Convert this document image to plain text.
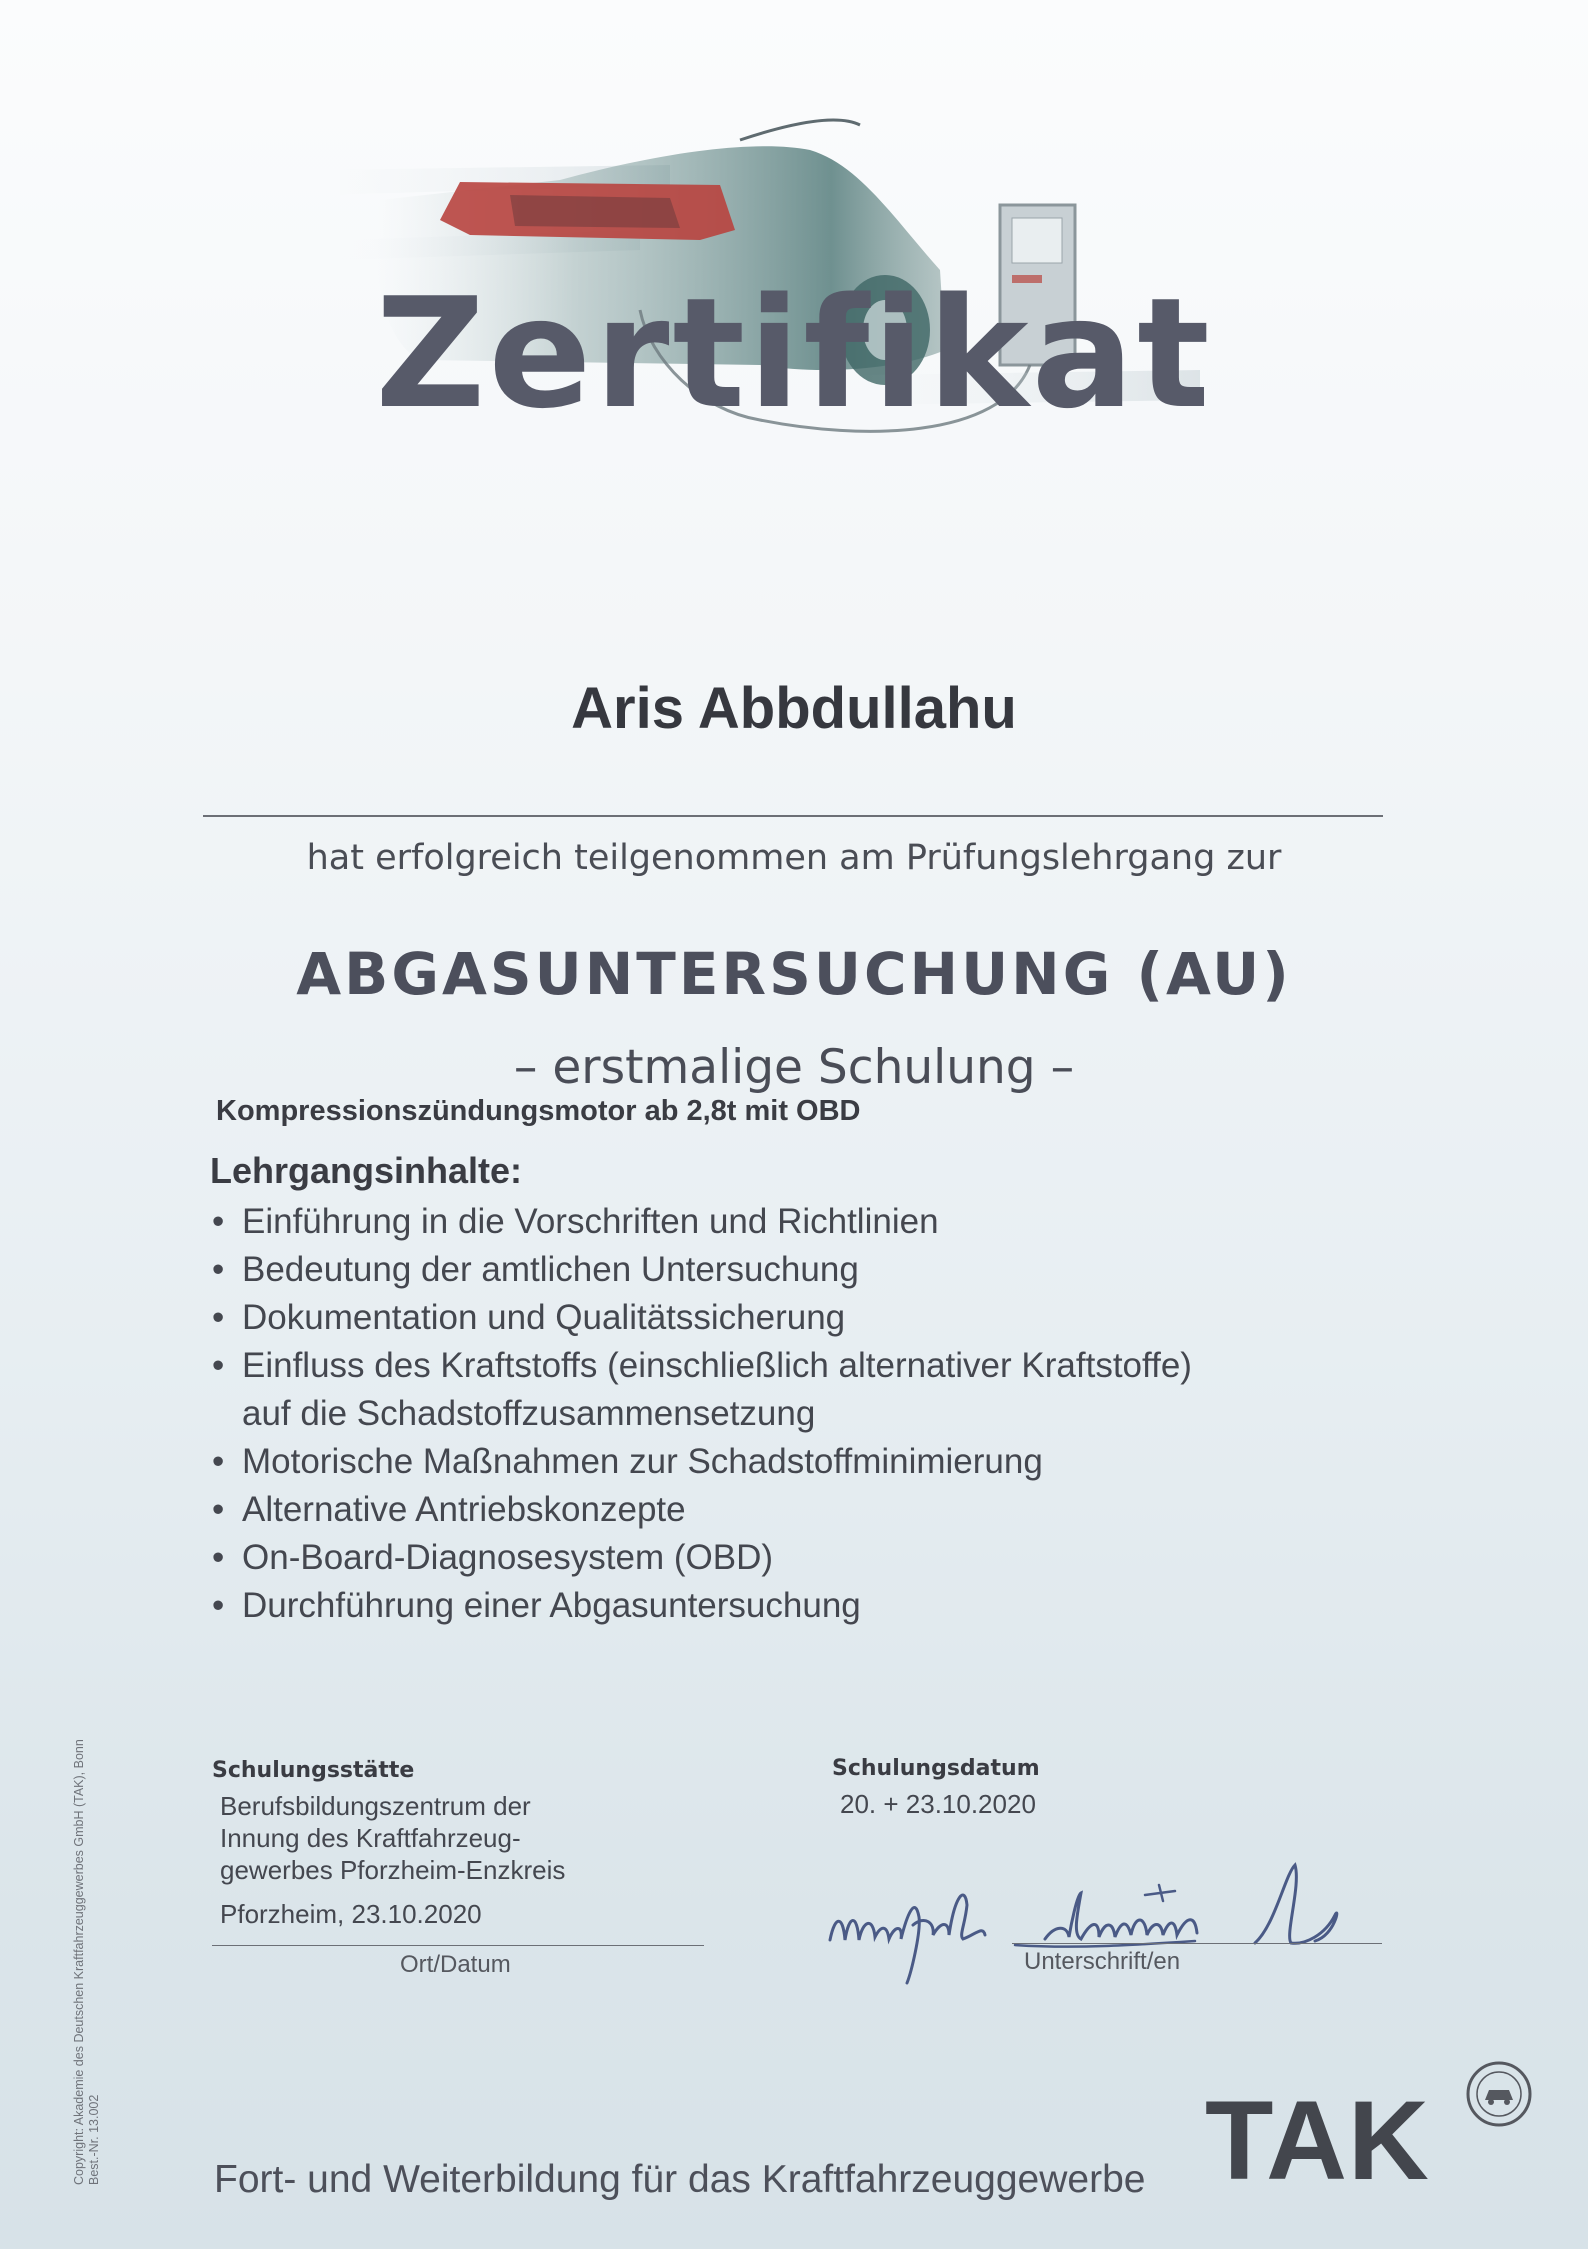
Zertifikat
Aris Abbdullahu
hat erfolgreich teilgenommen am Prüfungslehrgang zur
ABGASUNTERSUCHUNG (AU)
– erstmalige Schulung –
Kompressionszündungsmotor ab 2,8t mit OBD
Lehrgangsinhalte:
• Einführung in die Vorschriften und Richtlinien
• Bedeutung der amtlichen Untersuchung
• Dokumentation und Qualitätssicherung
• Einfluss des Kraftstoffs (einschließlich alternativer Kraftstoffe)
auf die Schadstoffzusammensetzung
• Motorische Maßnahmen zur Schadstoffminimierung
• Alternative Antriebskonzepte
• On-Board-Diagnosesystem (OBD)
• Durchführung einer Abgasuntersuchung
Schulungsstätte
Berufsbildungszentrum der
Innung des Kraftfahrzeug-
gewerbes Pforzheim-Enzkreis
Schulungsdatum
20. + 23.10.2020
Pforzheim, 23.10.2020
Ort/Datum	Unterschrift/en
Copyright: Akademie des Deutschen Kraftfahrzeuggewerbes GmbH (TAK), Bonn Best.-Nr. 13.002	Fort- und Weiterbildung für das Kraftfahrzeuggewerbe TAK
